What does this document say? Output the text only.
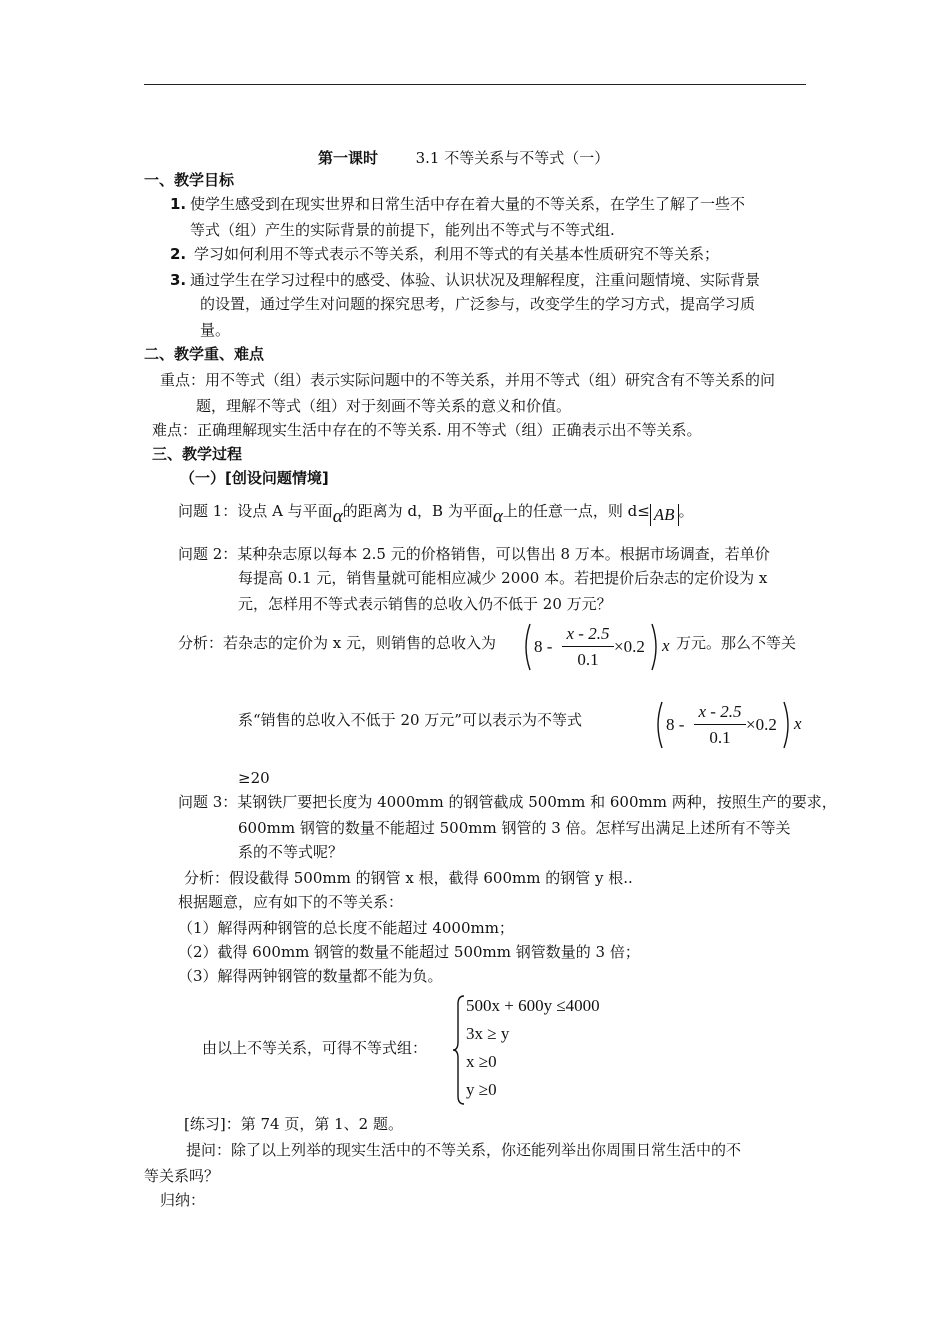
第一课时	3.1 不等关系与不等式（一）
一、教学目标
1. 使学生感受到在现实世界和日常生活中存在着大量的不等关系，在学生了解了一些不
等式（组）产生的实际背景的前提下，能列出不等式与不等式组.
2. 学习如何利用不等式表示不等关系，利用不等式的有关基本性质研究不等关系；
3. 通过学生在学习过程中的感受、体验、认识状况及理解程度，注重问题情境、实际背景
的设置，通过学生对问题的探究思考，广泛参与，改变学生的学习方式，提高学习质
量。
二、教学重、难点
重点：用不等式（组）表示实际问题中的不等关系，并用不等式（组）研究含有不等关系的问
题，理解不等式（组）对于刻画不等关系的意义和价值。
难点：正确理解现实生活中存在的不等关系. 用不等式（组）正确表示出不等关系。
三、教学过程
（一）[创设问题情境]
问题 1：设点 A 与平面α的距离为 d，B 为平面α上的任意一点，则 d≤ AB 。
问题 2：某种杂志原以每本 2.5 元的价格销售，可以售出 8 万本。根据市场调查，若单价
每提高 0.1 元，销售量就可能相应减少 2000 本。若把提价后杂志的定价设为 x
元，怎样用不等式表示销售的总收入仍不低于 20 万元？
分析：若杂志的定价为 x 元，则销售的总收入为 8 -
x - 2.5
0.1
×0.2 x 万元。那么不等关
系“销售的总收入不低于 20 万元”可以表示为不等式	8 -
x - 2.5
0.1
×0.2 x
≥20
问题 3：某钢铁厂要把长度为 4000mm 的钢管截成 500mm 和 600mm 两种，按照生产的要求，
600mm 钢管的数量不能超过 500mm 钢管的 3 倍。怎样写出满足上述所有不等关
系的不等式呢？
分析：假设截得 500mm 的钢管 x 根，截得 600mm 的钢管 y 根..
根据题意，应有如下的不等关系：
（1）解得两种钢管的总长度不能超过 4000mm；
（2）截得 600mm 钢管的数量不能超过 500mm 钢管数量的 3 倍；
（3）解得两钟钢管的数量都不能为负。
由以上不等关系，可得不等式组：
500x + 600y ≤4000
3x ≥ y
x ≥0
y ≥0
[练习]：第 74 页，第 1、2 题。
提问：除了以上列举的现实生活中的不等关系，你还能列举出你周围日常生活中的不
等关系吗？
归纳：
